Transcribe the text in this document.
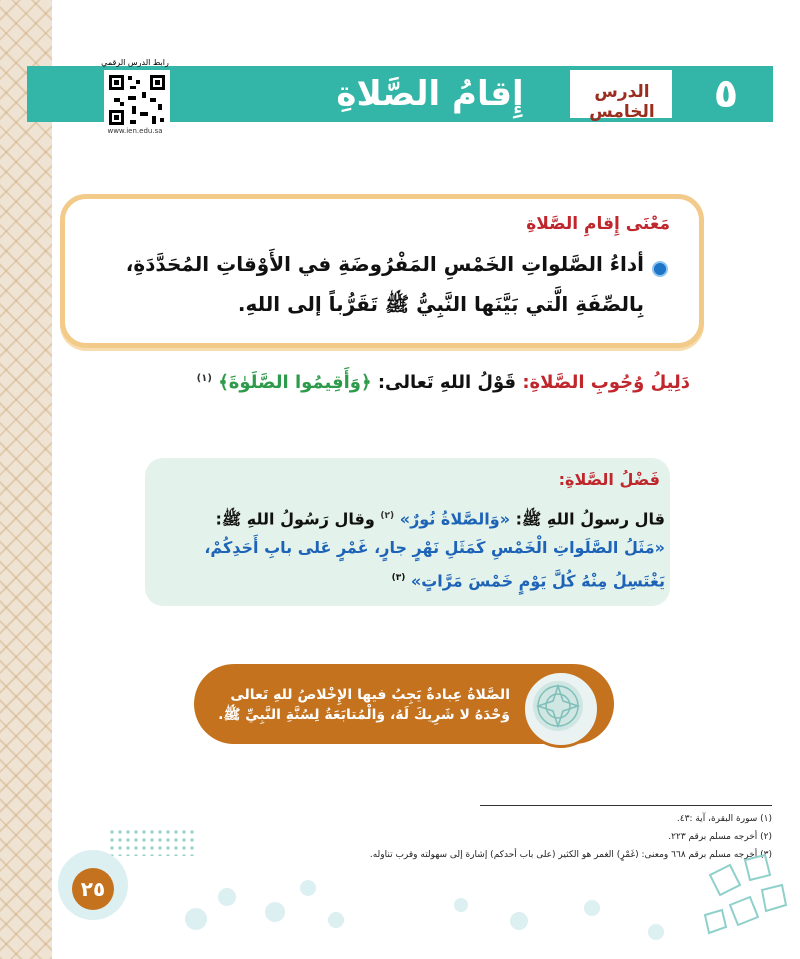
رابط الدرس الرقمي
www.ien.edu.sa
إِقامُ الصَّلاةِ	الدرس الخامس	٥
مَعْنَى إِقامِ الصَّلاةِ
أداءُ الصَّلواتِ الخَمْسِ المَفْرُوضَةِ في الأَوْقاتِ المُحَدَّدَةِ، بِالصِّفَةِ الَّتي بَيَّنَها النَّبِيُّ ﷺ تَقَرُّباً إلى اللهِ.
دَلِيلُ وُجُوبِ الصَّلاةِ: قَوْلُ اللهِ تَعالى: ﴿وَأَقِيمُوا الصَّلَوٰةَ﴾ $^{(١)}$
فَضْلُ الصَّلاةِ:
قال رسولُ اللهِ ﷺ: «وَالصَّلاةُ نُورٌ» $^{(٢)}$ وقال رَسُولُ اللهِ ﷺ:
«مَثَلُ الصَّلَواتِ الْخَمْسِ كَمَثَلِ نَهْرٍ جارٍ، غَمْرٍ عَلى بابِ أَحَدِكُمْ،
يَغْتَسِلُ مِنْهُ كُلَّ يَوْمٍ خَمْسَ مَرَّاتٍ» $^{(٣)}$
الصَّلاةُ عِبادةٌ يَجِبُ فيها الإِخْلاصُ للهِ تَعالى وَحْدَهُ لا شَرِيكَ لَهُ، وَالْمُتابَعَةُ لِسُنَّةِ النَّبِيِّ ﷺ.
(١) سورة البقرة، آية :٤٣.
(٢) أخرجه مسلم برقم ٢٢٣.
(٣) أخرجه مسلم برقم ٦٦٨ ومعنى: (غَمْرٍ) الغمر هو الكثير (على باب أحدكم) إشارة إلى سهولته وقرب تناوله.
٢٥
